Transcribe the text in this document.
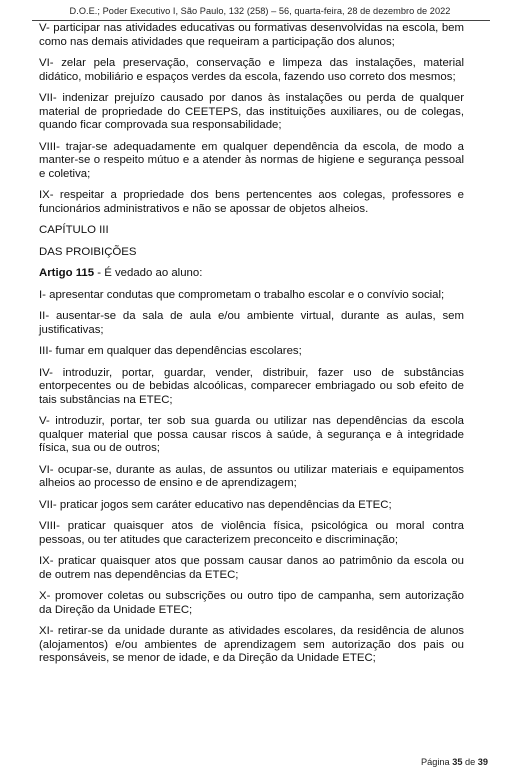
D.O.E.; Poder Executivo I, São Paulo, 132 (258) – 56, quarta-feira, 28 de dezembro de 2022

V- participar nas atividades educativas ou formativas desenvolvidas na escola, bem como nas demais atividades que requeiram a participação dos alunos;

VI- zelar pela preservação, conservação e limpeza das instalações, material didático, mobiliário e espaços verdes da escola, fazendo uso correto dos mesmos;

VII- indenizar prejuízo causado por danos às instalações ou perda de qualquer material de propriedade do CEETEPS, das instituições auxiliares, ou de colegas, quando ficar comprovada sua responsabilidade;

VIII- trajar-se adequadamente em qualquer dependência da escola, de modo a manter-se o respeito mútuo e a atender às normas de higiene e segurança pessoal e coletiva;

IX- respeitar a propriedade dos bens pertencentes aos colegas, professores e funcionários administrativos e não se apossar de objetos alheios.

CAPÍTULO III

DAS PROIBIÇÕES

Artigo 115 - É vedado ao aluno:

I- apresentar condutas que comprometam o trabalho escolar e o convívio social;

II- ausentar-se da sala de aula e/ou ambiente virtual, durante as aulas, sem justificativas;

III- fumar em qualquer das dependências escolares;

IV- introduzir, portar, guardar, vender, distribuir, fazer uso de substâncias entorpecentes ou de bebidas alcoólicas, comparecer embriagado ou sob efeito de tais substâncias na ETEC;

V- introduzir, portar, ter sob sua guarda ou utilizar nas dependências da escola qualquer material que possa causar riscos à saúde, à segurança e à integridade física, sua ou de outros;

VI- ocupar-se, durante as aulas, de assuntos ou utilizar materiais e equipamentos alheios ao processo de ensino e de aprendizagem;

VII- praticar jogos sem caráter educativo nas dependências da ETEC;

VIII- praticar quaisquer atos de violência física, psicológica ou moral contra pessoas, ou ter atitudes que caracterizem preconceito e discriminação;

IX- praticar quaisquer atos que possam causar danos ao patrimônio da escola ou de outrem nas dependências da ETEC;

X- promover coletas ou subscrições ou outro tipo de campanha, sem autorização da Direção da Unidade ETEC;

XI- retirar-se da unidade durante as atividades escolares, da residência de alunos (alojamentos) e/ou ambientes de aprendizagem sem autorização dos pais ou responsáveis, se menor de idade, e da Direção da Unidade ETEC;

Página 35 de 39
